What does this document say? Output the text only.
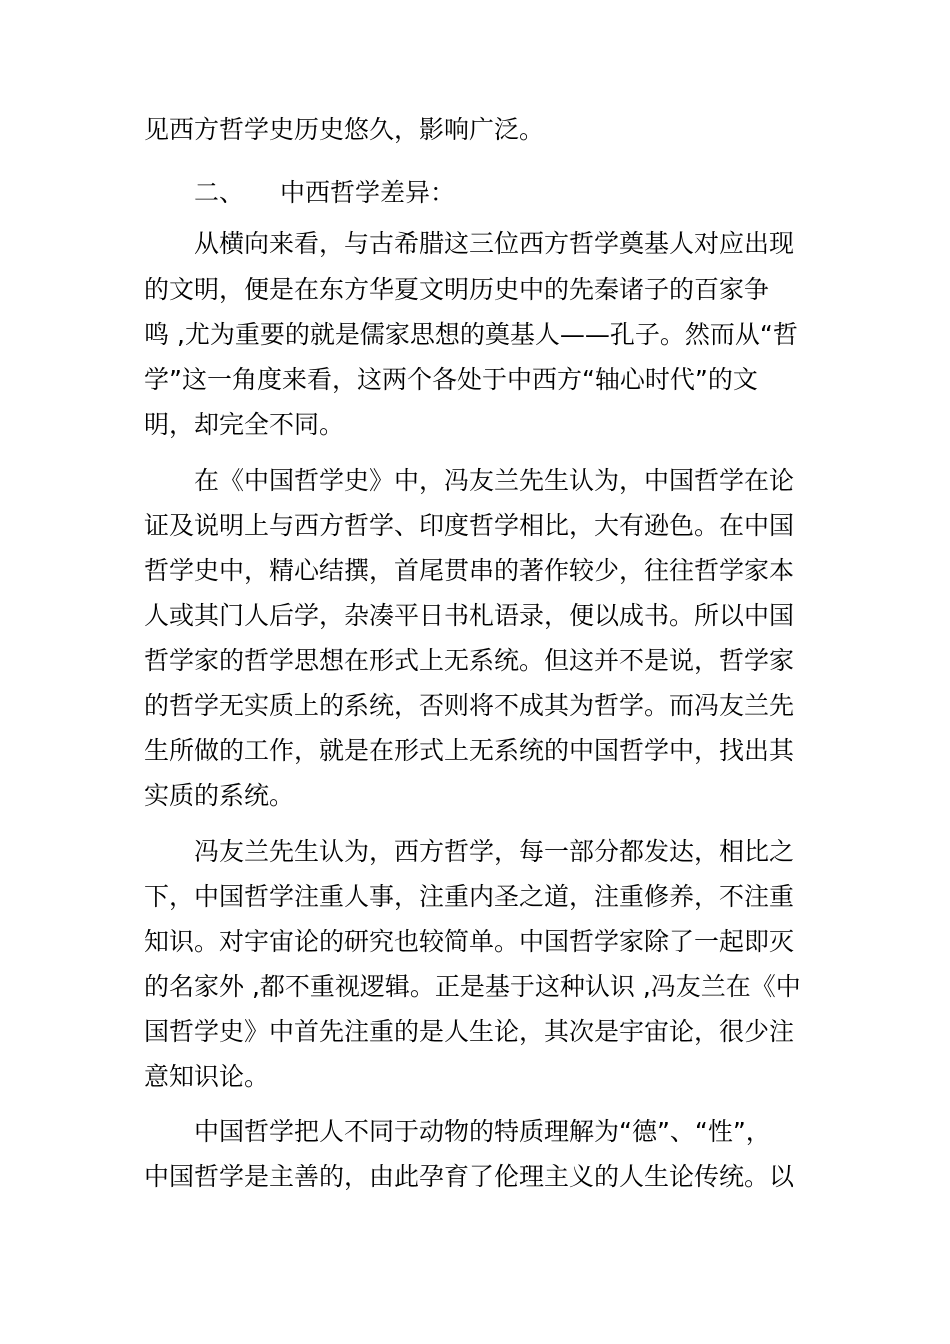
见西方哲学史历史悠久，影响广泛。
二、 中西哲学差异：
从横向来看，与古希腊这三位西方哲学奠基人对应出现
的文明，便是在东方华夏文明历史中的先秦诸子的百家争
鸣 ,尤为重要的就是儒家思想的奠基人——孔子。然而从“哲
学”这一角度来看，这两个各处于中西方“轴心时代”的文
明，却完全不同。
在《中国哲学史》中，冯友兰先生认为，中国哲学在论
证及说明上与西方哲学、印度哲学相比，大有逊色。在中国
哲学史中，精心结撰，首尾贯串的著作较少，往往哲学家本
人或其门人后学，杂凑平日书札语录，便以成书。所以中国
哲学家的哲学思想在形式上无系统。但这并不是说，哲学家
的哲学无实质上的系统，否则将不成其为哲学。而冯友兰先
生所做的工作，就是在形式上无系统的中国哲学中，找出其
实质的系统。
冯友兰先生认为，西方哲学，每一部分都发达，相比之
下，中国哲学注重人事，注重内圣之道，注重修养，不注重
知识。对宇宙论的研究也较简单。中国哲学家除了一起即灭
的名家外 ,都不重视逻辑。正是基于这种认识 ,冯友兰在《中
国哲学史》中首先注重的是人生论，其次是宇宙论，很少注
意知识论。
中国哲学把人不同于动物的特质理解为“德”、“性”，
中国哲学是主善的，由此孕育了伦理主义的人生论传统。以
